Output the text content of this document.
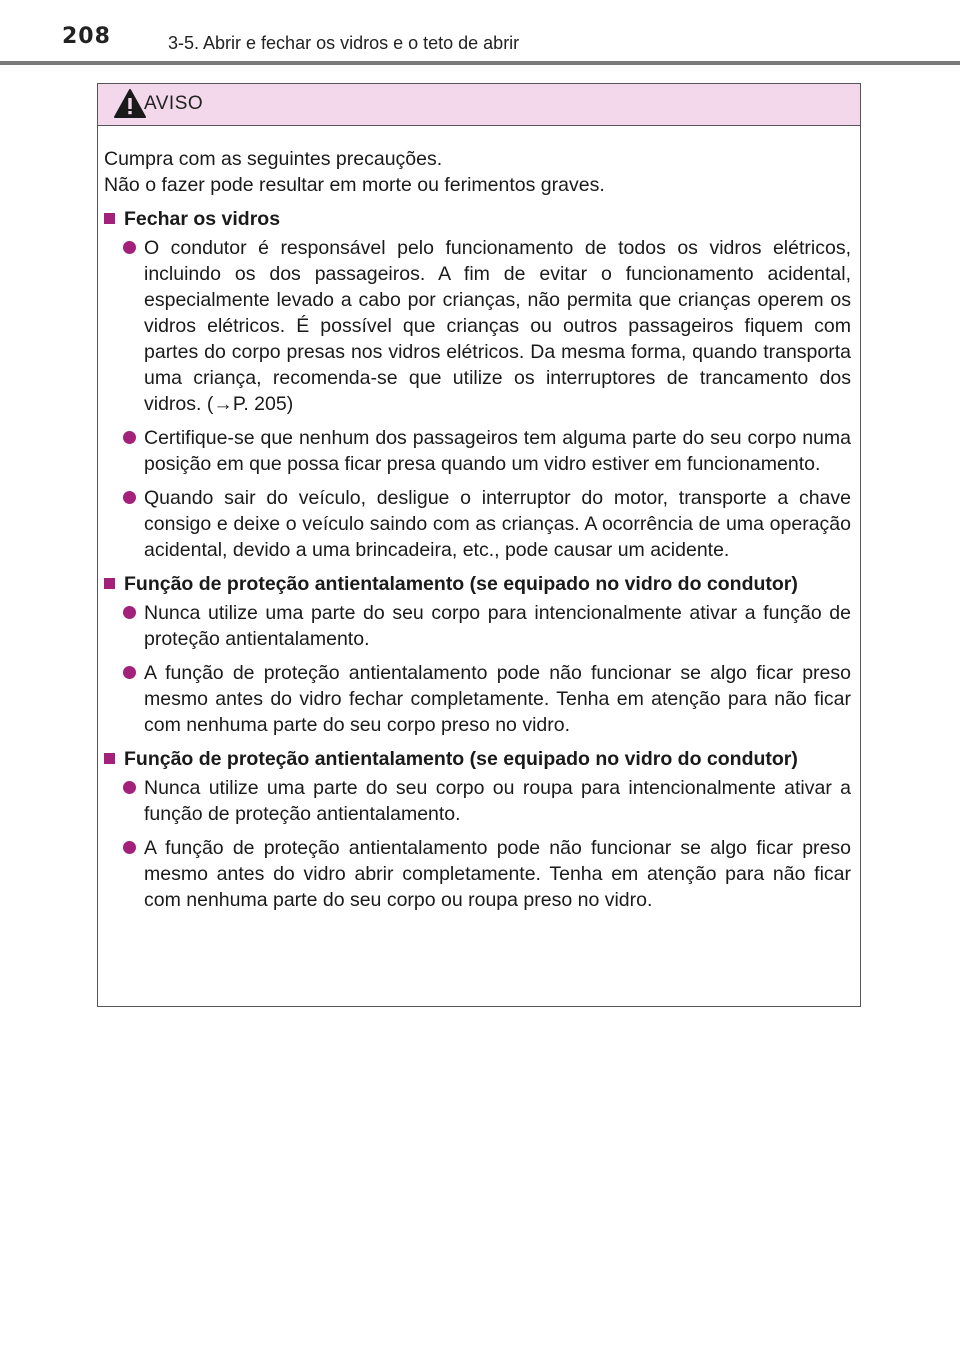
208	3-5. Abrir e fechar os vidros e o teto de abrir
AVISO

Cumpra com as seguintes precauções.

Não o fazer pode resultar em morte ou ferimentos graves.

Fechar os vidros
O condutor é responsável pelo funcionamento de todos os vidros elétricos, incluindo os dos passageiros. A fim de evitar o funcionamento acidental, especialmente levado a cabo por crianças, não permita que crianças operem os vidros elétricos. É possível que crianças ou outros passageiros fiquem com partes do corpo presas nos vidros elétricos. Da mesma forma, quando transporta uma criança, recomenda-se que utilize os interruptores de trancamento dos vidros. (→P. 205)
Certifique-se que nenhum dos passageiros tem alguma parte do seu corpo numa posição em que possa ficar presa quando um vidro estiver em funcionamento.
Quando sair do veículo, desligue o interruptor do motor, transporte a chave consigo e deixe o veículo saindo com as crianças. A ocorrência de uma operação acidental, devido a uma brincadeira, etc., pode causar um acidente.
Função de proteção antientalamento (se equipado no vidro do condutor)
Nunca utilize uma parte do seu corpo para intencionalmente ativar a função de proteção antientalamento.
A função de proteção antientalamento pode não funcionar se algo ficar preso mesmo antes do vidro fechar completamente. Tenha em atenção para não ficar com nenhuma parte do seu corpo preso no vidro.
Função de proteção antientalamento (se equipado no vidro do condutor)
Nunca utilize uma parte do seu corpo ou roupa para intencionalmente ativar a função de proteção antientalamento.
A função de proteção antientalamento pode não funcionar se algo ficar preso mesmo antes do vidro abrir completamente. Tenha em atenção para não ficar com nenhuma parte do seu corpo ou roupa preso no vidro.
